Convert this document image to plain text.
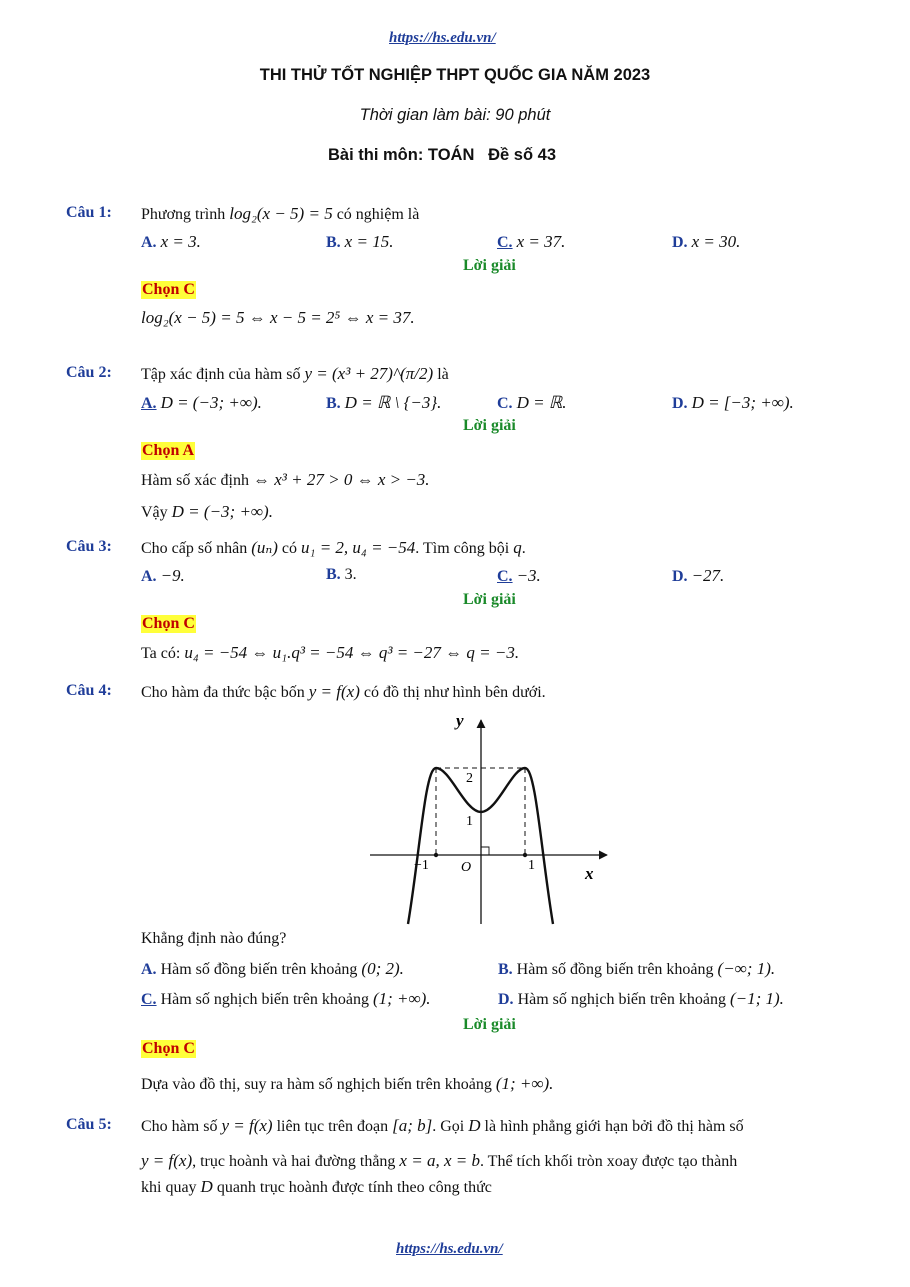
https://hs.edu.vn/
THI THỬ TỐT NGHIỆP THPT QUỐC GIA NĂM 2023
Thời gian làm bài: 90 phút
Bài thi môn: TOÁN Đề số 43
Câu 1: Phương trình log₂(x − 5) = 5 có nghiệm là
A. x = 3.	B. x = 15.	C. x = 37.	D. x = 30.
Lời giải
Chọn C
log₂(x − 5) = 5 ⇔ x − 5 = 2⁵ ⇔ x = 37.
Câu 2: Tập xác định của hàm số y = (x³ + 27)^(π/2) là
A. D = (−3; +∞).	B. D = ℝ \ {−3}.	C. D = ℝ.	D. D = [−3; +∞).
Lời giải
Chọn A
Hàm số xác định ⇔ x³ + 27 > 0 ⇔ x > −3.
Vậy D = (−3; +∞).
Câu 3: Cho cấp số nhân (uₙ) có u₁ = 2, u₄ = −54. Tìm công bội q.
A. −9.	B. 3.	C. −3.	D. −27.
Lời giải
Chọn C
Ta có: u₄ = −54 ⇔ u₁.q³ = −54 ⇔ q³ = −27 ⇔ q = −3.
Câu 4: Cho hàm đa thức bậc bốn y = f(x) có đồ thị như hình bên dưới.
y
x
O
−1	1
1
2
Khẳng định nào đúng?
A. Hàm số đồng biến trên khoảng (0; 2).	B. Hàm số đồng biến trên khoảng (−∞; 1).
C. Hàm số nghịch biến trên khoảng (1; +∞).	D. Hàm số nghịch biến trên khoảng (−1; 1).
Lời giải
Chọn C
Dựa vào đồ thị, suy ra hàm số nghịch biến trên khoảng (1; +∞).
Câu 5: Cho hàm số y = f(x) liên tục trên đoạn [a; b]. Gọi D là hình phẳng giới hạn bởi đồ thị hàm số
y = f(x), trục hoành và hai đường thẳng x = a, x = b. Thể tích khối tròn xoay được tạo thành
khi quay D quanh trục hoành được tính theo công thức
https://hs.edu.vn/
